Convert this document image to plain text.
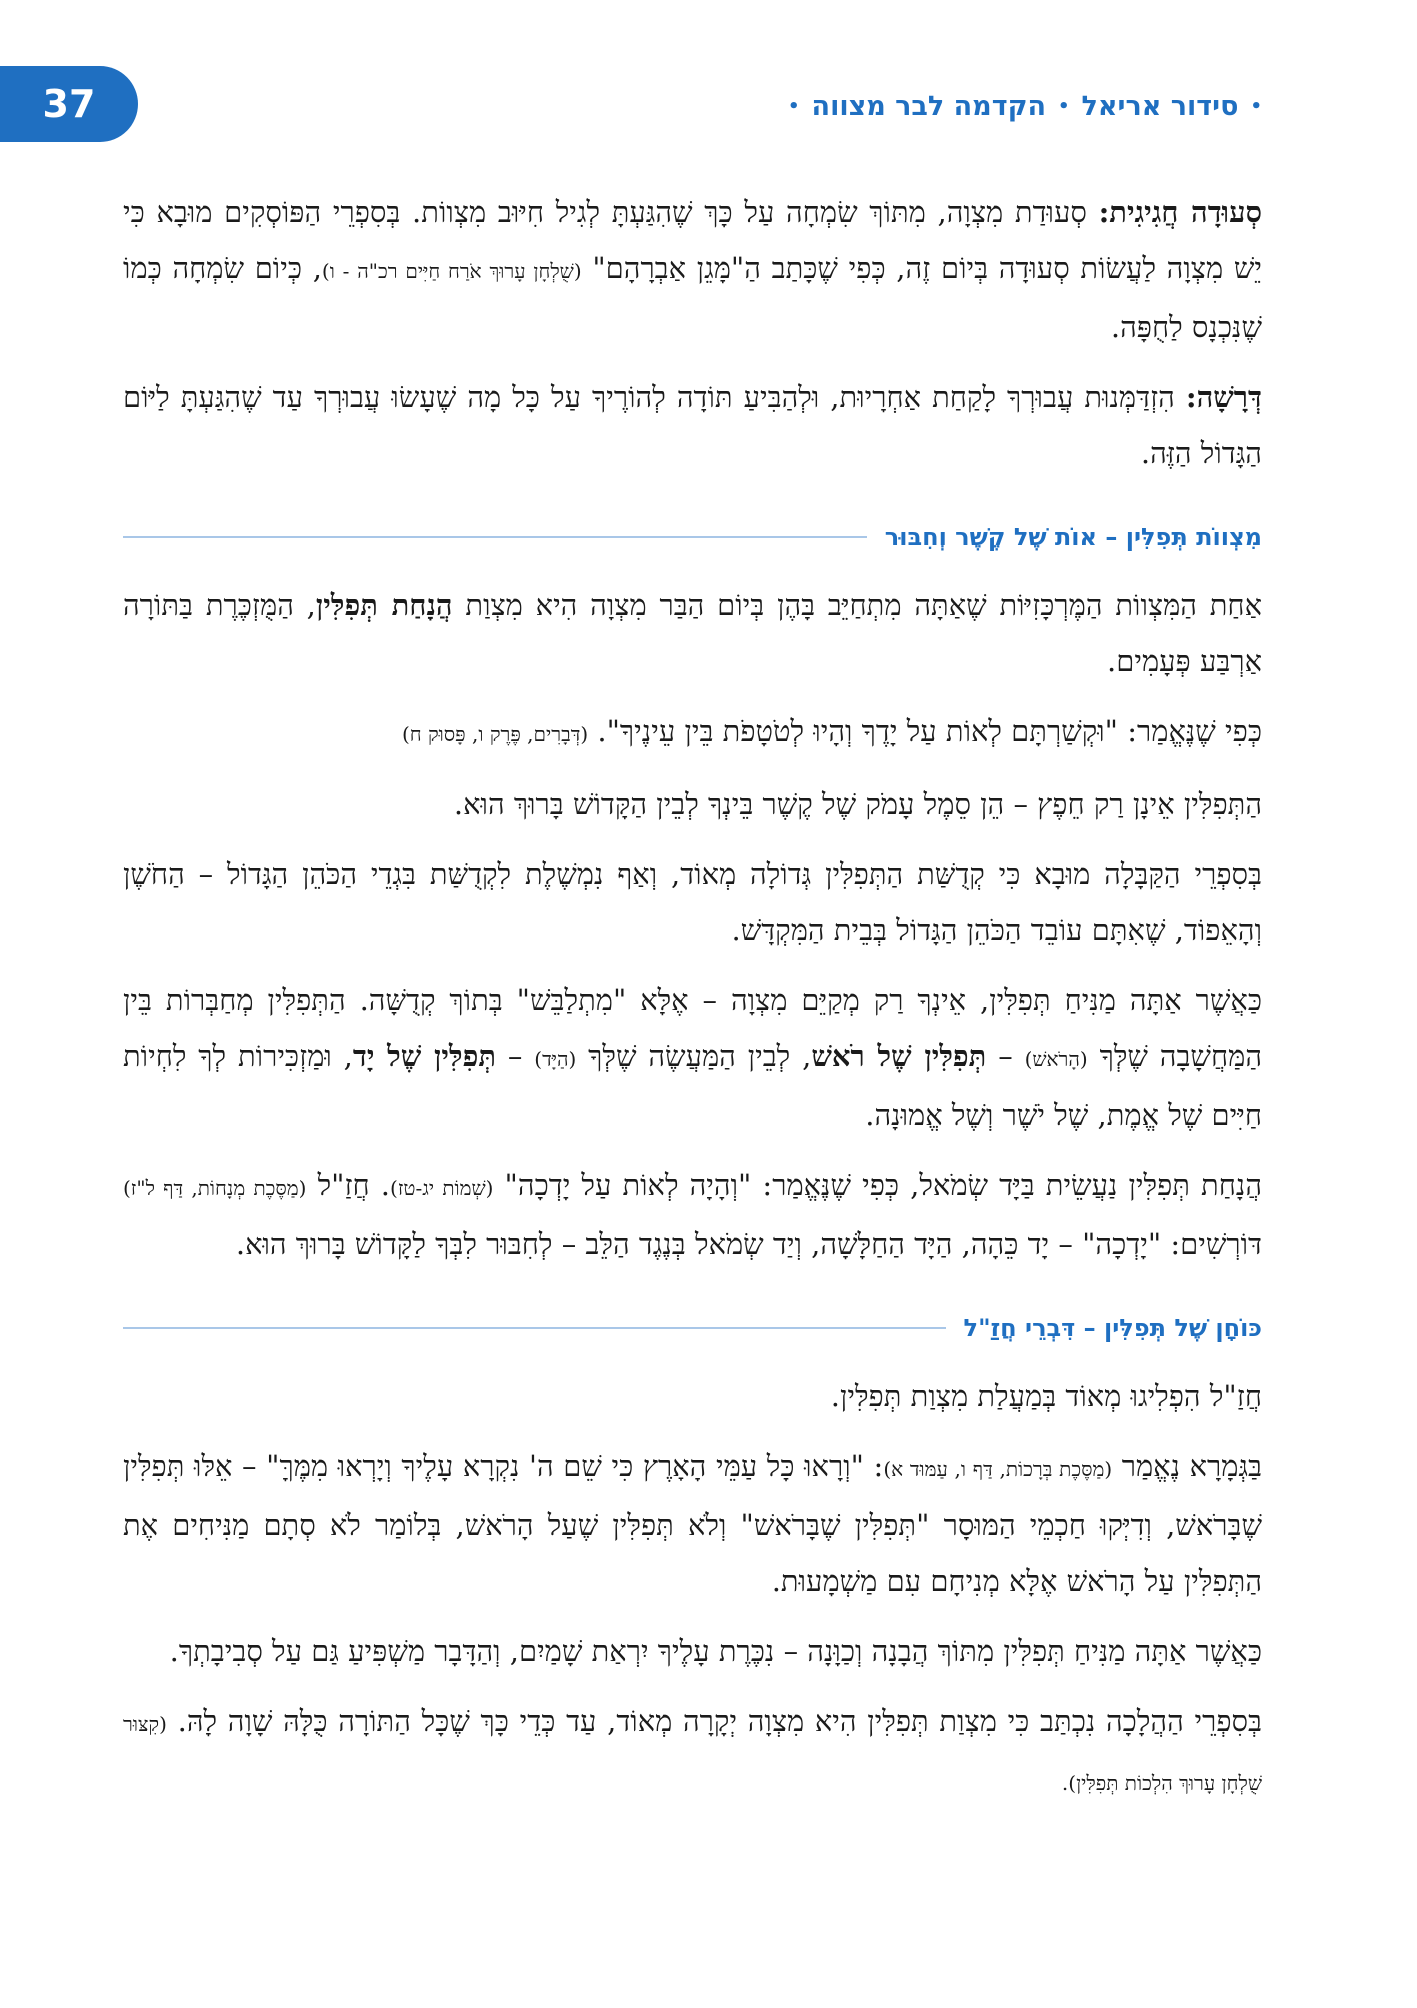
37	•
סידור אריאל
•
הקדמה לבר מצווה
•

סְעוּדָה חֲגִיגִית: סְעוּדַת מִצְוָה, מִתּוֹךְ שִׂמְחָה עַל כָּךְ שֶׁהִגַּעְתָּ לְגִיל חִיּוּב מִצְווֹת. בְּסִפְרֵי הַפּוֹסְקִים מוּבָא כִּי יֵשׁ מִצְוָה לַעֲשׂוֹת סְעוּדָה בְּיוֹם זֶה, כְּפִי שֶׁכָּתַב הַ"מָּגֵן אַבְרָהָם" (שֻׁלְחָן עָרוּךְ אֹרַח חַיִּים רכ"ה - ו), כְּיוֹם שִׂמְחָה כְּמוֹ שֶׁנִּכְנָס לַחֻפָּה.

דְּרָשָׁה: הִזְדַּמְּנוּת עֲבוּרְךָ לָקַחַת אַחְרָיוּת, וּלְהַבִּיעַ תּוֹדָה לְהוֹרֶיךָ עַל כָּל מָה שֶׁעָשׂוּ עֲבוּרְךָ עַד שֶׁהִגַּעְתָּ לַיּוֹם הַגָּדוֹל הַזֶּה.

מִצְווֹת תְּפִלִּין – אוֹת שֶׁל קֶשֶׁר וְחִבּוּר

אַחַת הַמִּצְווֹת הַמֶּרְכָּזִיּוֹת שֶׁאַתָּה מִתְחַיֵּב בָּהֶן בְּיוֹם הַבַּר מִצְוָה הִיא מִצְוַת הֲנָחַת תְּפִלִּין, הַמֻּזְכֶּרֶת בַּתּוֹרָה אַרְבַּע פְּעָמִים.

כְּפִי שֶׁנֶּאֱמַר: "וּקְשַׁרְתָּם לְאוֹת עַל יָדֶךָ וְהָיוּ לְטֹטָפֹת בֵּין עֵינֶיךָ". (דְּבָרִים, פֶּרֶק ו, פָּסוּק ח)

הַתְּפִלִּין אֵינָן רַק חֵפֶץ – הֵן סֵמֶל עָמֹק שֶׁל קֶשֶׁר בֵּינְךָ לְבֵין הַקָּדוֹשׁ בָּרוּךְ הוּא.

בְּסִפְרֵי הַקַּבָּלָה מוּבָא כִּי קְדֻשַּׁת הַתְּפִלִּין גְּדוֹלָה מְאוֹד, וְאַף נִמְשֶׁלֶת לִקְדֻשַּׁת בִּגְדֵי הַכֹּהֵן הַגָּדוֹל – הַחֹשֶׁן וְהָאֵפוֹד, שֶׁאִתָּם עוֹבֵד הַכֹּהֵן הַגָּדוֹל בְּבֵית הַמִּקְדָּשׁ.

כַּאֲשֶׁר אַתָּה מַנִּיחַ תְּפִלִּין, אֵינְךָ רַק מְקַיֵּם מִצְוָה – אֶלָּא "מִתְלַבֵּשׁ" בְּתוֹךְ קְדֻשָּׁה. הַתְּפִלִּין מְחַבְּרוֹת בֵּין הַמַּחֲשָׁבָה שֶׁלְּךָ (הָרֹאשׁ) – תְּפִלִּין שֶׁל רֹאשׁ, לְבֵין הַמַּעֲשֶׂה שֶׁלְּךָ (הַיָּד) – תְּפִלִּין שֶׁל יָד, וּמַזְכִּירוֹת לְךָ לִחְיוֹת חַיִּים שֶׁל אֱמֶת, שֶׁל יֹשֶׁר וְשֶׁל אֱמוּנָה.

הֲנָחַת תְּפִלִּין נַעֲשֵׂית בַּיָּד שְׂמֹאל, כְּפִי שֶׁנֶּאֱמַר: "וְהָיָה לְאוֹת עַל יָדְכָה" (שְׁמוֹת יג-טז). חֲזַ"ל (מַסֶּכֶת מְנָחוֹת, דַּף ל"ז) דּוֹרְשִׁים: "יָדְכָה" – יָד כֵּהָה, הַיָּד הַחַלָּשָׁה, וְיַד שְׂמֹאל בְּנֶגֶד הַלֵּב – לְחִבּוּר לִבְּךָ לַקָּדוֹשׁ בָּרוּךְ הוּא.

כּוֹחָן שֶׁל תְּפִלִּין – דִּבְרֵי חֲזַ"ל

חֲזַ"ל הִפְלִיגוּ מְאוֹד בְּמַעֲלַת מִצְוַת תְּפִלִּין.

בַּגְּמָרָא נֶאֱמַר (מַסֶּכֶת בְּרָכוֹת, דַּף ו, עַמּוּד א): "וְרָאוּ כָּל עַמֵּי הָאָרֶץ כִּי שֵׁם ה' נִקְרָא עָלֶיךָ וְיָרְאוּ מִמֶּךָּ" – אֵלּוּ תְּפִלִּין שֶׁבָּרֹאשׁ, וְדִיְּקוּ חַכְמֵי הַמּוּסָר "תְּפִלִּין שֶׁבָּרֹאשׁ" וְלֹא תְּפִלִּין שֶׁעַל הָרֹאשׁ, בְּלוֹמַר לֹא סְתָם מַנִּיחִים אֶת הַתְּפִלִּין עַל הָרֹאשׁ אֶלָּא מְנִיחָם עִם מַשְׁמָעוּת.

כַּאֲשֶׁר אַתָּה מַנִּיחַ תְּפִלִּין מִתּוֹךְ הֲבָנָה וְכַוָּנָה – נִכֶּרֶת עָלֶיךָ יִרְאַת שָׁמַיִם, וְהַדָּבָר מַשְׁפִּיעַ גַּם עַל סְבִיבָתְךָ.

בְּסִפְרֵי הַהֲלָכָה נִכְתַּב כִּי מִצְוַת תְּפִלִּין הִיא מִצְוָה יְקָרָה מְאוֹד, עַד כְּדֵי כָּךְ שֶׁכָּל הַתּוֹרָה כֻּלָּהּ שָׁוָה לָהּ. (קִצּוּר שֻׁלְחָן עָרוּךְ הִלְכוֹת תְּפִלִּין).
